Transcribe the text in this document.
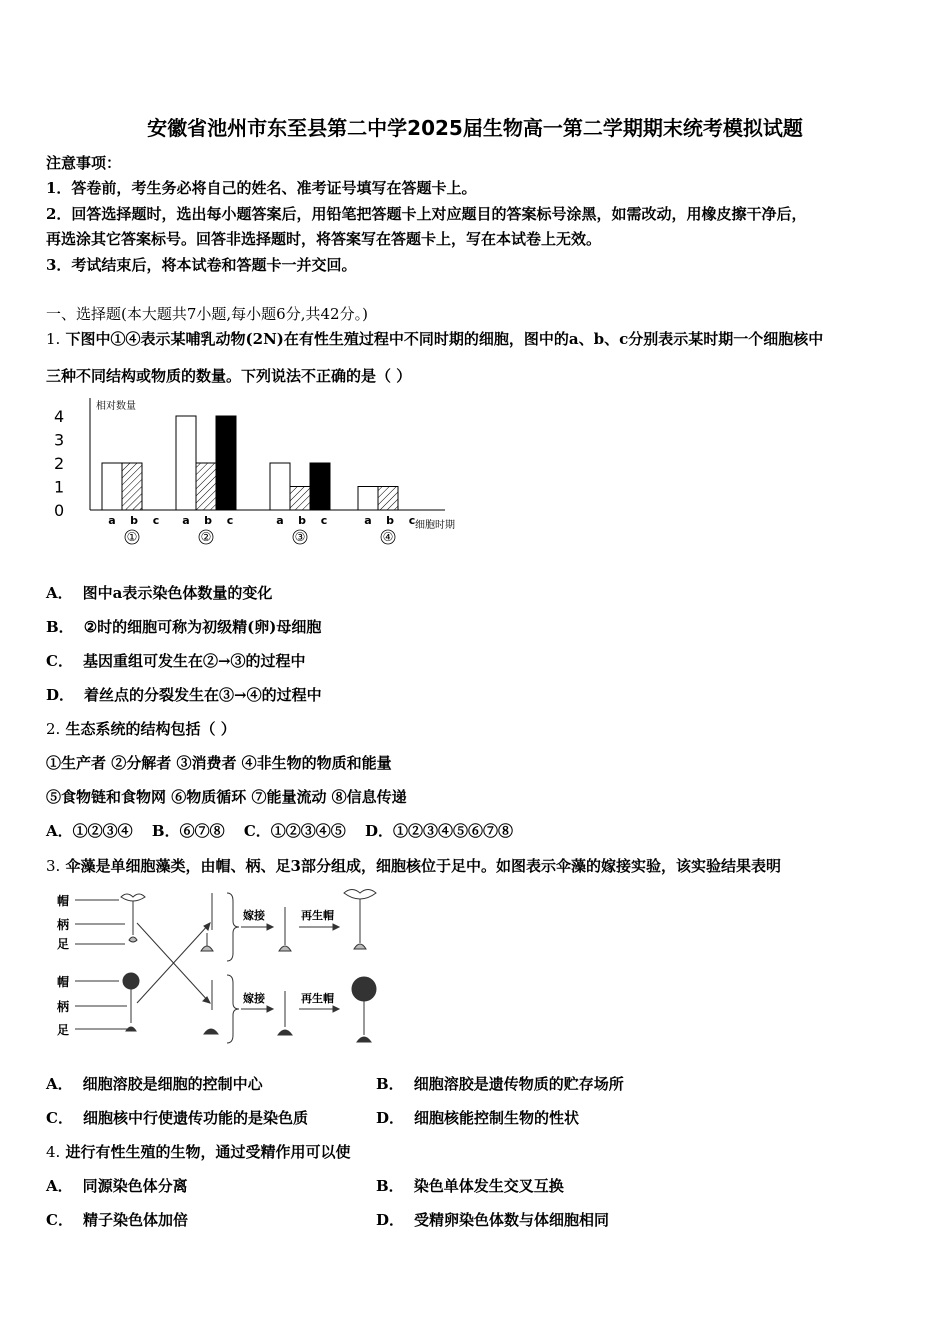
安徽省池州市东至县第二中学2025届生物高一第二学期期末统考模拟试题
注意事项：
1．答卷前，考生务必将自己的姓名、准考证号填写在答题卡上。
2．回答选择题时，选出每小题答案后，用铅笔把答题卡上对应题目的答案标号涂黑，如需改动，用橡皮擦干净后，
再选涂其它答案标号。回答非选择题时，将答案写在答题卡上，写在本试卷上无效。
3．考试结束后，将本试卷和答题卡一并交回。
一、选择题(本大题共7小题,每小题6分,共42分。)
1. 下图中①④表示某哺乳动物(2N)在有性生殖过程中不同时期的细胞，图中的a、b、c分别表示某时期一个细胞核中
三种不同结构或物质的数量。下列说法不正确的是（ ）
相对数量
0
1
2
3
4
a b c
①
a b c
②
a b c
③
a b c
④
细胞时期
A． 图中a表示染色体数量的变化
B． ②时的细胞可称为初级精(卵)母细胞
C． 基因重组可发生在②→③的过程中
D． 着丝点的分裂发生在③→④的过程中
2. 生态系统的结构包括（ ）
①生产者 ②分解者 ③消费者 ④非生物的物质和能量
⑤食物链和食物网 ⑥物质循环 ⑦能量流动 ⑧信息传递
A．①②③④ B．⑥⑦⑧ C．①②③④⑤ D．①②③④⑤⑥⑦⑧
3. 伞藻是单细胞藻类，由帽、柄、足3部分组成，细胞核位于足中。如图表示伞藻的嫁接实验，该实验结果表明
帽
柄
足
帽
柄
足
嫁接
嫁接
再生帽
再生帽
A． 细胞溶胶是细胞的控制中心	B． 细胞溶胶是遗传物质的贮存场所
C． 细胞核中行使遗传功能的是染色质	D． 细胞核能控制生物的性状
4. 进行有性生殖的生物，通过受精作用可以使
A． 同源染色体分离	B． 染色单体发生交叉互换
C． 精子染色体加倍	D． 受精卵染色体数与体细胞相同
